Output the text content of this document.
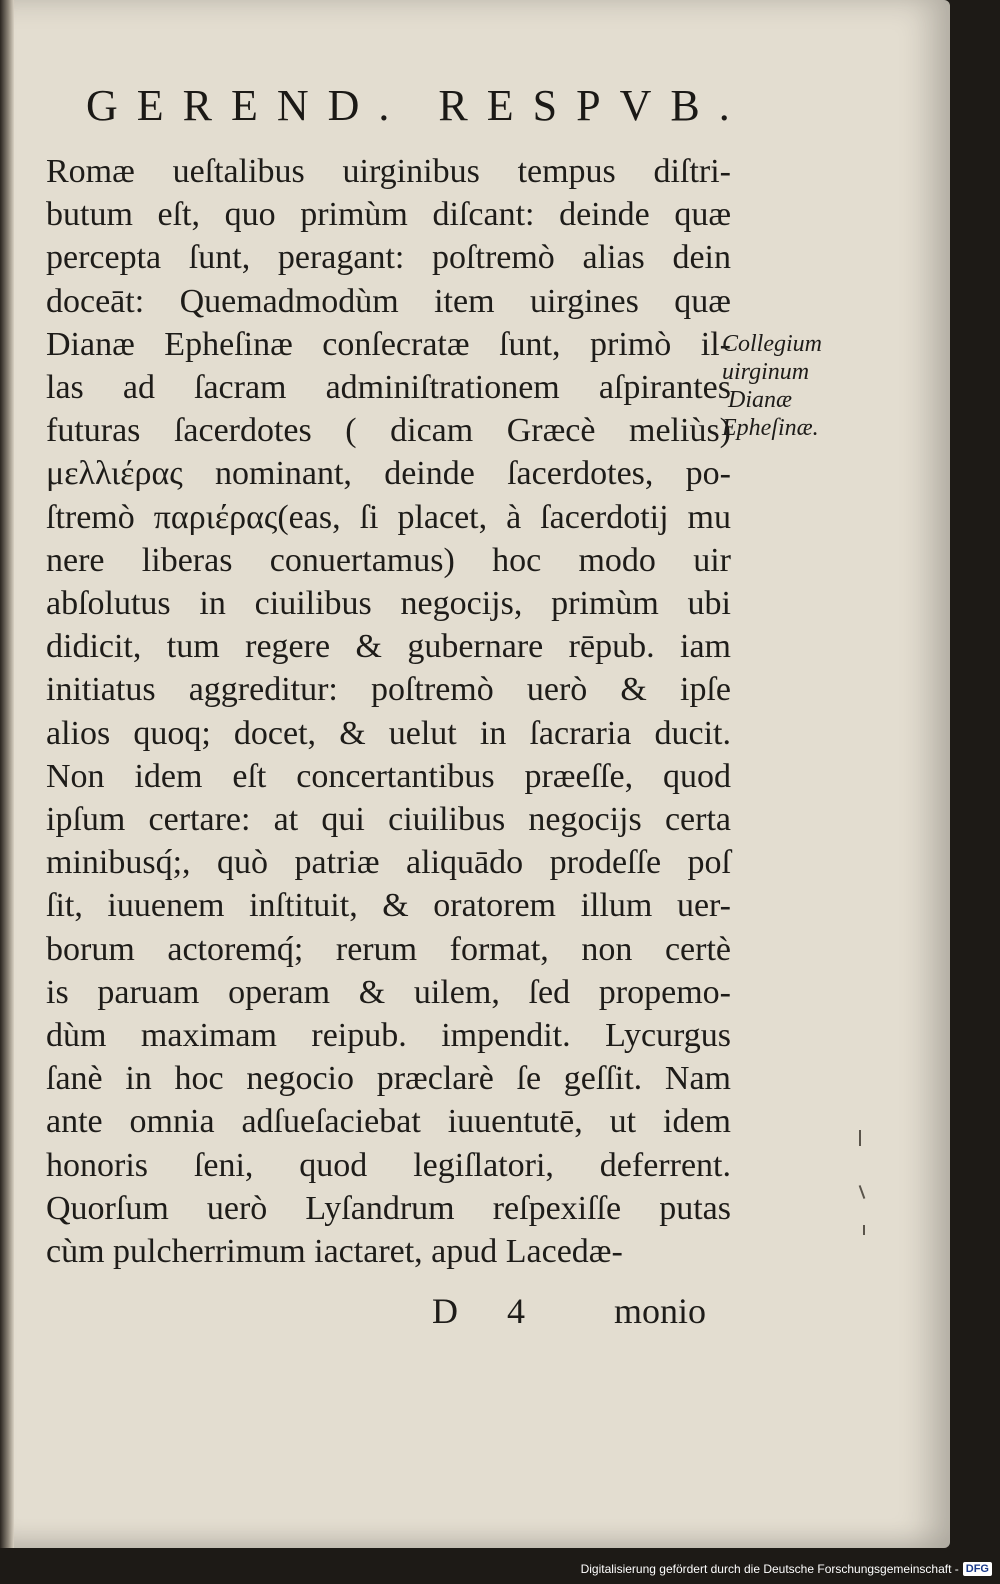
GEREND. RESPVB.
Romæ ueſtalibus uirginibus tempus diſtri-
butum eſt, quo primùm diſcant: deinde quæ
percepta ſunt, peragant: poſtremò alias dein
doceāt: Quemadmodùm item uirgines quæ
Dianæ Epheſinæ conſecratæ ſunt, primò il-
las ad ſacram adminiſtrationem aſpirantes
futuras ſacerdotes ( dicam Græcè meliùs)
μελλιέρας nominant, deinde ſacerdotes, po-
ſtremò παριέρας(eas, ſi placet, à ſacerdotij mu
nere liberas conuertamus) hoc modo uir
abſolutus in ciuilibus negocijs, primùm ubi
didicit, tum regere & gubernare rēpub. iam
initiatus aggreditur: poſtremò uerò & ipſe
alios quoq; docet, & uelut in ſacraria ducit.
Non idem eſt concertantibus præeſſe, quod
ipſum certare: at qui ciuilibus negocijs certa
minibusq́;, quò patriæ aliquādo prodeſſe poſ
ſit, iuuenem inſtituit, & oratorem illum uer-
borum actoremq́; rerum format, non certè
is paruam operam & uilem, ſed propemo-
dùm maximam reipub. impendit. Lycurgus
ſanè in hoc negocio præclarè ſe geſſit. Nam
ante omnia adſueſaciebat iuuentutē, ut idem
honoris ſeni, quod legiſlatori, deferrent.
Quorſum uerò Lyſandrum reſpexiſſe putas
cùm pulcherrimum iactaret, apud Lacedæ-
Collegium
uirginum
Dianæ
Epheſinæ.
D 4 monio
Digitalisierung gefördert durch die Deutsche Forschungsgemeinschaft - DFG
